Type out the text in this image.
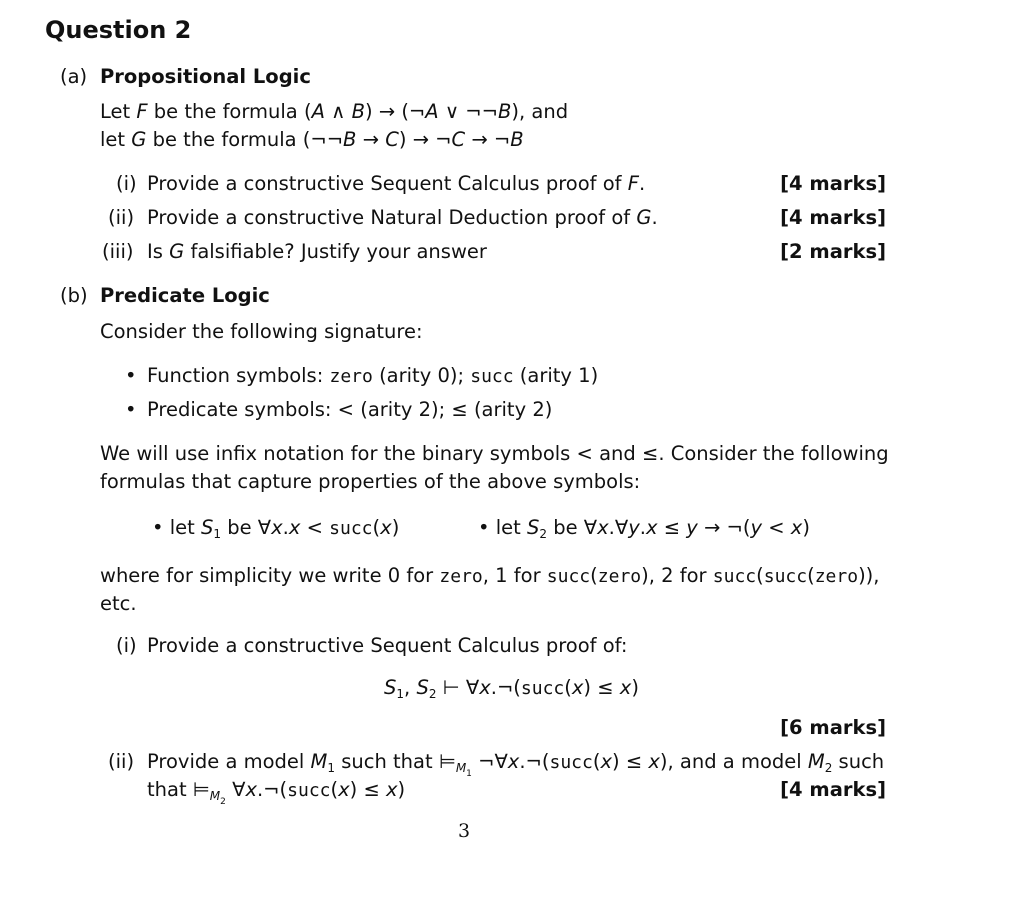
Question 2
(a) Propositional Logic
Let F be the formula (A ∧ B) → (¬A ∨ ¬¬B), and
let G be the formula (¬¬B → C) → ¬C → ¬B
(i) Provide a constructive Sequent Calculus proof of F.	[4 marks]
(ii) Provide a constructive Natural Deduction proof of G.	[4 marks]
(iii) Is G falsifiable? Justify your answer	[2 marks]
(b) Predicate Logic
Consider the following signature:
• Function symbols: zero (arity 0); succ (arity 1)
• Predicate symbols: < (arity 2); ≤ (arity 2)
We will use infix notation for the binary symbols < and ≤. Consider the following
formulas that capture properties of the above symbols:
• let $S_1$ be ∀x.x < succ(x)	• let $S_2$ be ∀x.∀y.x ≤ y → ¬(y < x)
where for simplicity we write 0 for zero, 1 for succ(zero), 2 for succ(succ(zero)),
etc.
(i) Provide a constructive Sequent Calculus proof of:
$S_1$, $S_2$ ⊢ ∀x.¬(succ(x) ≤ x)
[6 marks]
(ii) Provide a model $M_1$ such that $⊨_{M_1}$ ¬∀x.¬(succ(x) ≤ x), and a model $M_2$ such
that $⊨_{M_2}$ ∀x.¬(succ(x) ≤ x)	[4 marks]
3
